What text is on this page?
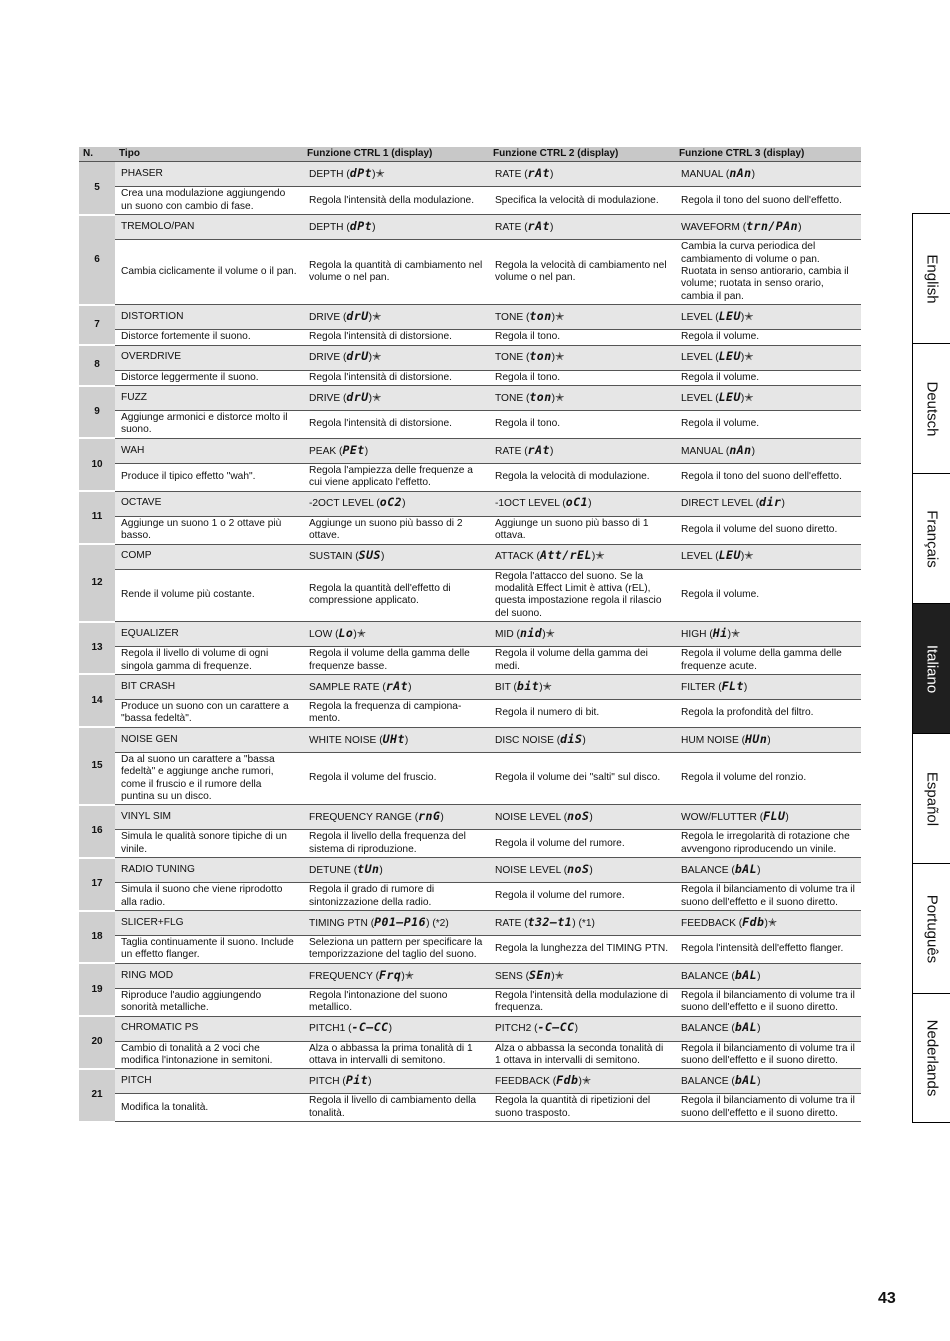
N.	Tipo	Funzione CTRL 1 (display)	Funzione CTRL 2 (display)	Funzione CTRL 3 (display)
5	PHASER	DEPTH (dPt)✭	RATE (rAt)	MANUAL (nAn)
	Crea una modulazione aggiungendo un suono con cambio di fase.	Regola l'intensità della modulazione.	Specifica la velocità di modulazione.	Regola il tono del suono dell'effetto.
6	TREMOLO/PAN	DEPTH (dPt)	RATE (rAt)	WAVEFORM (trn/PAn)
	Cambia ciclicamente il volume o il pan.	Regola la quantità di cambiamento nel volume o nel pan.	Regola la velocità di cambiamento nel volume o nel pan.	Cambia la curva periodica del cambiamento di volume o pan. Ruotata in senso antiorario, cambia il volume; ruotata in senso orario, cambia il pan.
7	DISTORTION	DRIVE (drU)✭	TONE (ton)✭	LEVEL (LEU)✭
	Distorce fortemente il suono.	Regola l'intensità di distorsione.	Regola il tono.	Regola il volume.
8	OVERDRIVE	DRIVE (drU)✭	TONE (ton)✭	LEVEL (LEU)✭
	Distorce leggermente il suono.	Regola l'intensità di distorsione.	Regola il tono.	Regola il volume.
9	FUZZ	DRIVE (drU)✭	TONE (ton)✭	LEVEL (LEU)✭
	Aggiunge armonici e distorce molto il suono.	Regola l'intensità di distorsione.	Regola il tono.	Regola il volume.
10	WAH	PEAK (PEt)	RATE (rAt)	MANUAL (nAn)
	Produce il tipico effetto "wah".	Regola l'ampiezza delle frequenze a cui viene applicato l'effetto.	Regola la velocità di modulazione.	Regola il tono del suono dell'effetto.
11	OCTAVE	-2OCT LEVEL (oC2)	-1OCT LEVEL (oC1)	DIRECT LEVEL (dir)
	Aggiunge un suono 1 o 2 ottave più basso.	Aggiunge un suono più basso di 2 ottave.	Aggiunge un suono più basso di 1 ottava.	Regola il volume del suono diretto.
12	COMP	SUSTAIN (SUS)	ATTACK (Att/rEL)✭	LEVEL (LEU)✭
	Rende il volume più costante.	Regola la quantità dell'effetto di compressione applicato.	Regola l'attacco del suono. Se la modalità Effect Limit è attiva (rEL), questa impostazione regola il rilascio del suono.	Regola il volume.
13	EQUALIZER	LOW (Lo)✭	MID (nid)✭	HIGH (Hi)✭
	Regola il livello di volume di ogni singola gamma di frequenze.	Regola il volume della gamma delle frequenze basse.	Regola il volume della gamma dei medi.	Regola il volume della gamma delle frequenze acute.
14	BIT CRASH	SAMPLE RATE (rAt)	BIT (bit)✭	FILTER (FLt)
	Produce un suono con un carattere a "bassa fedeltà".	Regola la frequenza di campiona-mento.	Regola il numero di bit.	Regola la profondità del filtro.
15	NOISE GEN	WHITE NOISE (UHt)	DISC NOISE (diS)	HUM NOISE (HUn)
	Da al suono un carattere a "bassa fedeltà" e aggiunge anche rumori, come il fruscio e il rumore della puntina su un disco.	Regola il volume del fruscio.	Regola il volume dei "salti" sul disco.	Regola il volume del ronzio.
16	VINYL SIM	FREQUENCY RANGE (rnG)	NOISE LEVEL (noS)	WOW/FLUTTER (FLU)
	Simula le qualità sonore tipiche di un vinile.	Regola il livello della frequenza del sistema di riproduzione.	Regola il volume del rumore.	Regola le irregolarità di rotazione che avvengono riproducendo un vinile.
17	RADIO TUNING	DETUNE (tUn)	NOISE LEVEL (noS)	BALANCE (bAL)
	Simula il suono che viene riprodotto alla radio.	Regola il grado di rumore di sintonizzazione della radio.	Regola il volume del rumore.	Regola il bilanciamento di volume tra il suono dell'effetto e il suono diretto.
18	SLICER+FLG	TIMING PTN (P01–P16) (*2)	RATE (t32–t1) (*1)	FEEDBACK (Fdb)✭
	Taglia continuamente il suono. Include un effetto flanger.	Seleziona un pattern per specificare la temporizzazione del taglio del suono.	Regola la lunghezza del TIMING PTN.	Regola l'intensità dell'effetto flanger.
19	RING MOD	FREQUENCY (Frq)✭	SENS (SEn)✭	BALANCE (bAL)
	Riproduce l'audio aggiungendo sonorità metalliche.	Regola l'intonazione del suono metallico.	Regola l'intensità della modulazione di frequenza.	Regola il bilanciamento di volume tra il suono dell'effetto e il suono diretto.
20	CHROMATIC PS	PITCH1 (-C–CC)	PITCH2 (-C–CC)	BALANCE (bAL)
	Cambio di tonalità a 2 voci che modifica l'intonazione in semitoni.	Alza o abbassa la prima tonalità di 1 ottava in intervalli di semitono.	Alza o abbassa la seconda tonalità di 1 ottava in intervalli di semitono.	Regola il bilanciamento di volume tra il suono dell'effetto e il suono diretto.
21	PITCH	PITCH (Pit)	FEEDBACK (Fdb)✭	BALANCE (bAL)
	Modifica la tonalità.	Regola il livello di cambiamento della tonalità.	Regola la quantità di ripetizioni del suono trasposto.	Regola il bilanciamento di volume tra il suono dell'effetto e il suono diretto.
English
Deutsch
Français
Italiano
Español
Português
Nederlands
43
